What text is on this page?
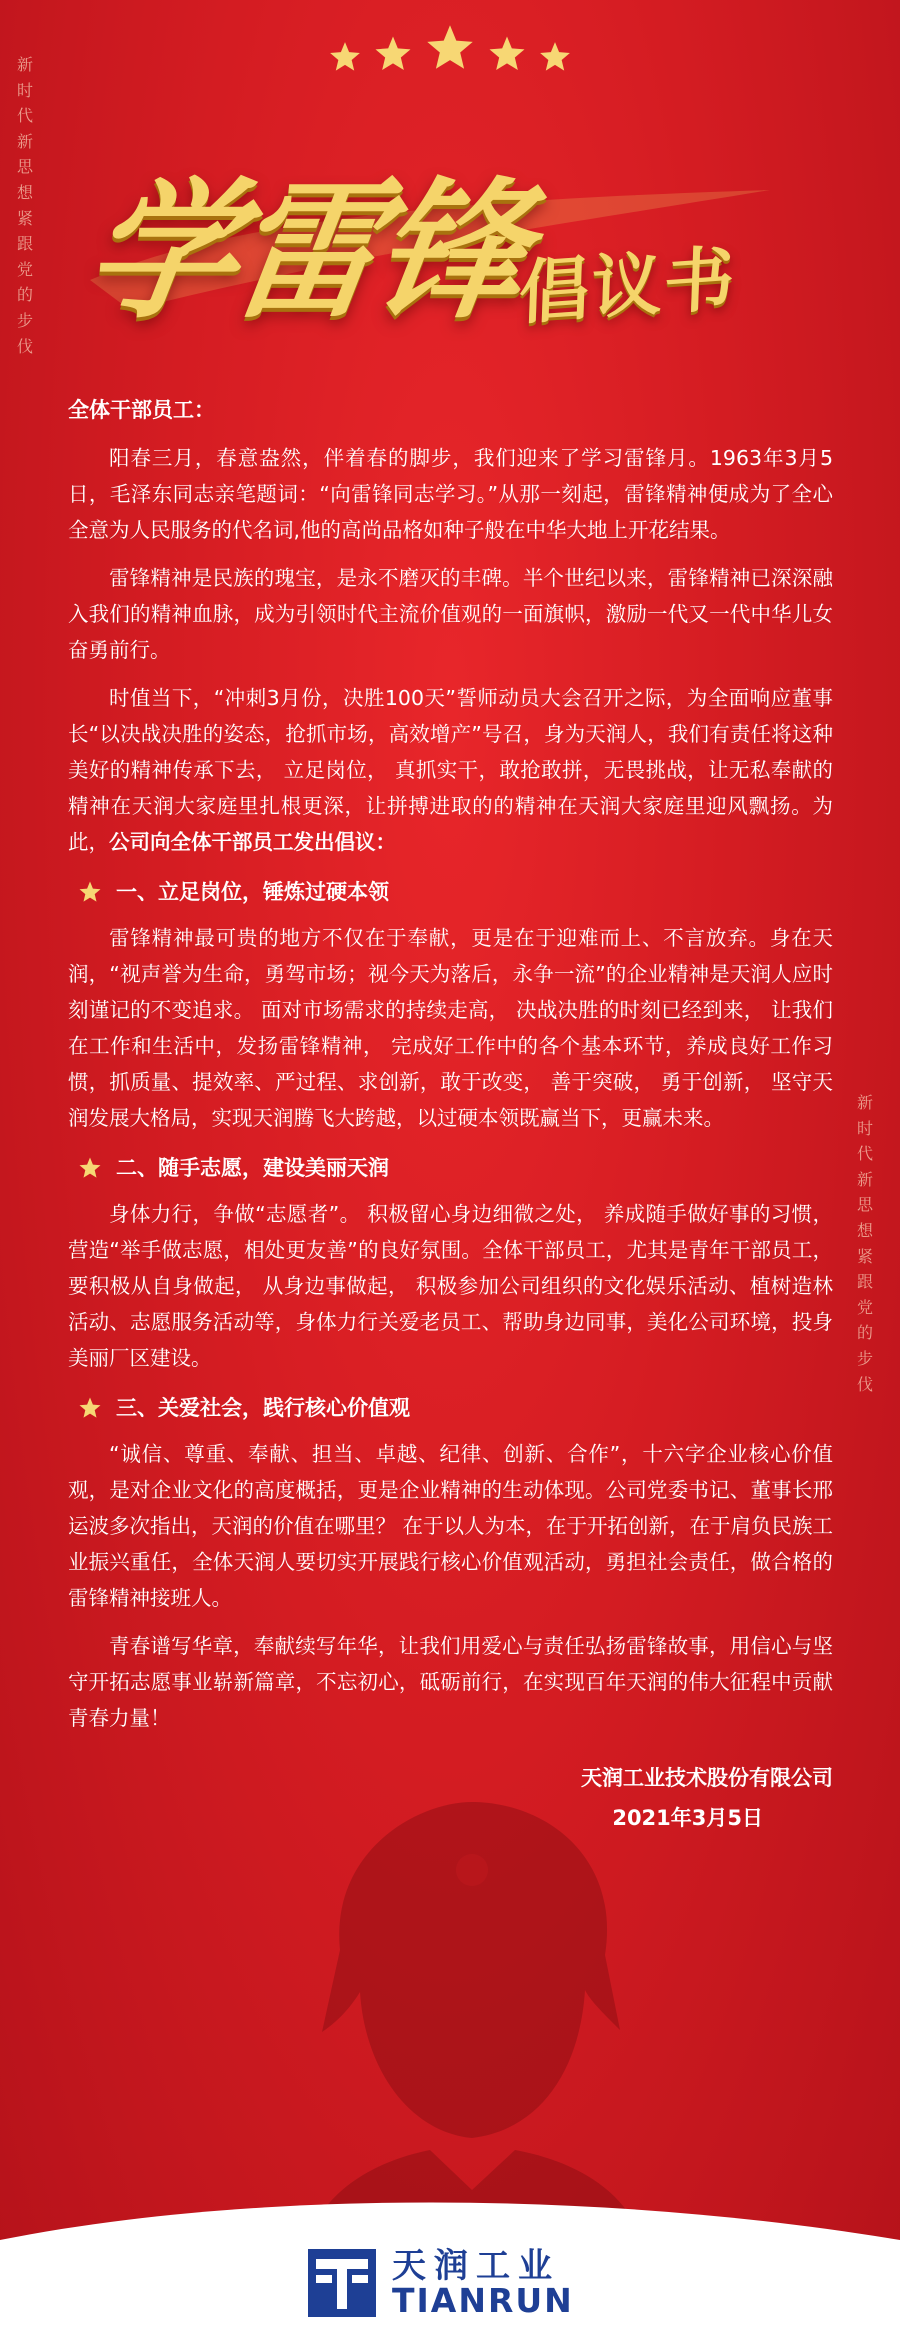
新时代新思想紧跟党的步伐
新时代新思想紧跟党的步伐

学雷锋
倡议书

全体干部员工：

阳春三月，春意盎然，伴着春的脚步，我们迎来了学习雷锋月。1963年3月5日，毛泽东同志亲笔题词：“向雷锋同志学习。”从那一刻起，雷锋精神便成为了全心全意为人民服务的代名词,他的高尚品格如种子般在中华大地上开花结果。

雷锋精神是民族的瑰宝，是永不磨灭的丰碑。半个世纪以来，雷锋精神已深深融入我们的精神血脉，成为引领时代主流价值观的一面旗帜，激励一代又一代中华儿女奋勇前行。

时值当下，“冲刺3月份，决胜100天”誓师动员大会召开之际，为全面响应董事长“以决战决胜的姿态，抢抓市场，高效增产”号召，身为天润人，我们有责任将这种美好的精神传承下去， 立足岗位， 真抓实干，敢抢敢拼，无畏挑战，让无私奉献的精神在天润大家庭里扎根更深，让拼搏进取的的精神在天润大家庭里迎风飘扬。为此，公司向全体干部员工发出倡议：

一、立足岗位，锤炼过硬本领

雷锋精神最可贵的地方不仅在于奉献，更是在于迎难而上、不言放弃。身在天润，“视声誉为生命，勇驾市场；视今天为落后，永争一流”的企业精神是天润人应时刻谨记的不变追求。 面对市场需求的持续走高， 决战决胜的时刻已经到来， 让我们在工作和生活中，发扬雷锋精神， 完成好工作中的各个基本环节，养成良好工作习惯，抓质量、提效率、严过程、求创新，敢于改变， 善于突破， 勇于创新， 坚守天润发展大格局，实现天润腾飞大跨越，以过硬本领既赢当下，更赢未来。

二、随手志愿，建设美丽天润

身体力行，争做“志愿者”。 积极留心身边细微之处， 养成随手做好事的习惯，营造“举手做志愿，相处更友善”的良好氛围。全体干部员工，尤其是青年干部员工，要积极从自身做起， 从身边事做起， 积极参加公司组织的文化娱乐活动、植树造林活动、志愿服务活动等，身体力行关爱老员工、帮助身边同事，美化公司环境，投身美丽厂区建设。

三、关爱社会，践行核心价值观

“诚信、尊重、奉献、担当、卓越、纪律、创新、合作”，十六字企业核心价值观，是对企业文化的高度概括，更是企业精神的生动体现。公司党委书记、董事长邢运波多次指出，天润的价值在哪里？ 在于以人为本，在于开拓创新，在于肩负民族工业振兴重任，全体天润人要切实开展践行核心价值观活动，勇担社会责任，做合格的雷锋精神接班人。

青春谱写华章，奉献续写年华，让我们用爱心与责任弘扬雷锋故事，用信心与坚守开拓志愿事业崭新篇章，不忘初心，砥砺前行，在实现百年天润的伟大征程中贡献青春力量！

天润工业技术股份有限公司
2021年3月5日
天润工业
TIANRUN
